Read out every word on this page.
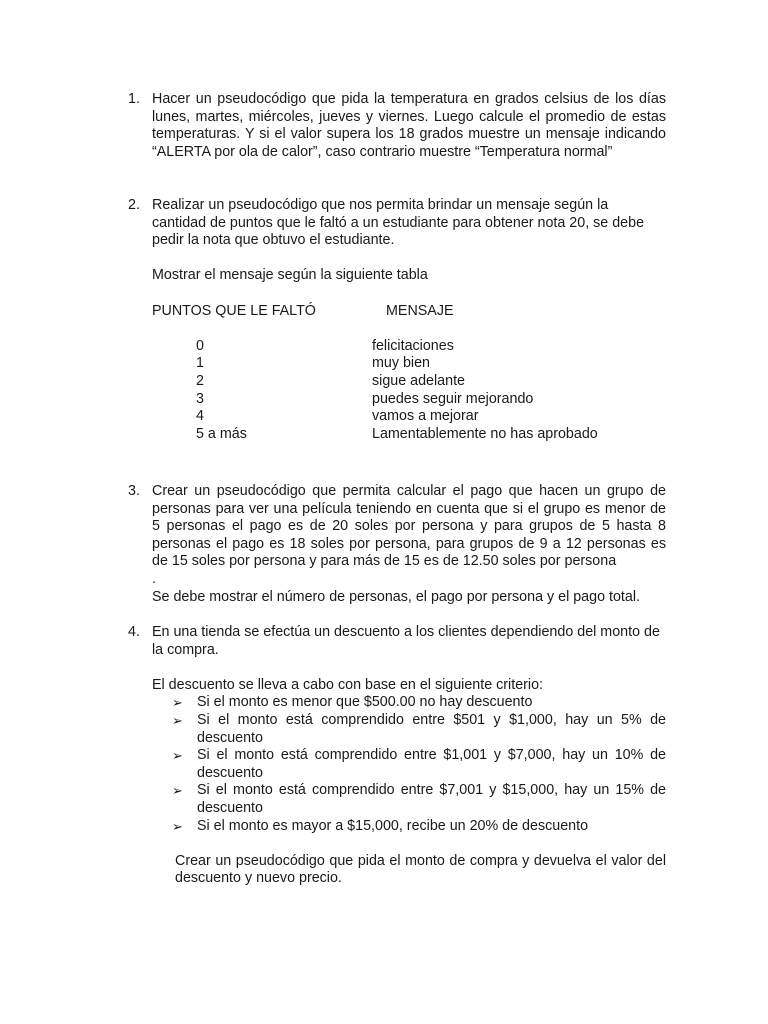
1. Hacer un pseudocódigo que pida la temperatura en grados celsius de los días lunes, martes, miércoles, jueves y viernes. Luego calcule el promedio de estas temperaturas. Y si el valor supera los 18 grados muestre un mensaje indicando “ALERTA por ola de calor”, caso contrario muestre “Temperatura normal”

2. Realizar un pseudocódigo que nos permita brindar un mensaje según la cantidad de puntos que le faltó a un estudiante para obtener nota 20, se debe pedir la nota que obtuvo el estudiante.

Mostrar el mensaje según la siguiente tabla

PUNTOS QUE LE FALTÓ	MENSAJE
0	felicitaciones
1	muy bien
2	sigue adelante
3	puedes seguir mejorando
4	vamos a mejorar
5 a más	Lamentablemente no has aprobado
3. Crear un pseudocódigo que permita calcular el pago que hacen un grupo de personas para ver una película teniendo en cuenta que si el grupo es menor de 5 personas el pago es de 20 soles por persona y para grupos de 5 hasta 8 personas el pago es 18 soles por persona, para grupos de 9 a 12 personas es de 15 soles por persona y para más de 15 es de 12.50 soles por persona

.

Se debe mostrar el número de personas, el pago por persona y el pago total.

4. En una tienda se efectúa un descuento a los clientes dependiendo del monto de la compra.

El descuento se lleva a cabo con base en el siguiente criterio:

➢ Si el monto es menor que $500.00 no hay descuento
➢ Si el monto está comprendido entre $501 y $1,000, hay un 5% de descuento
➢ Si el monto está comprendido entre $1,001 y $7,000, hay un 10% de descuento
➢ Si el monto está comprendido entre $7,001 y $15,000, hay un 15% de descuento
➢ Si el monto es mayor a $15,000, recibe un 20% de descuento

Crear un pseudocódigo que pida el monto de compra y devuelva el valor del descuento y nuevo precio.
